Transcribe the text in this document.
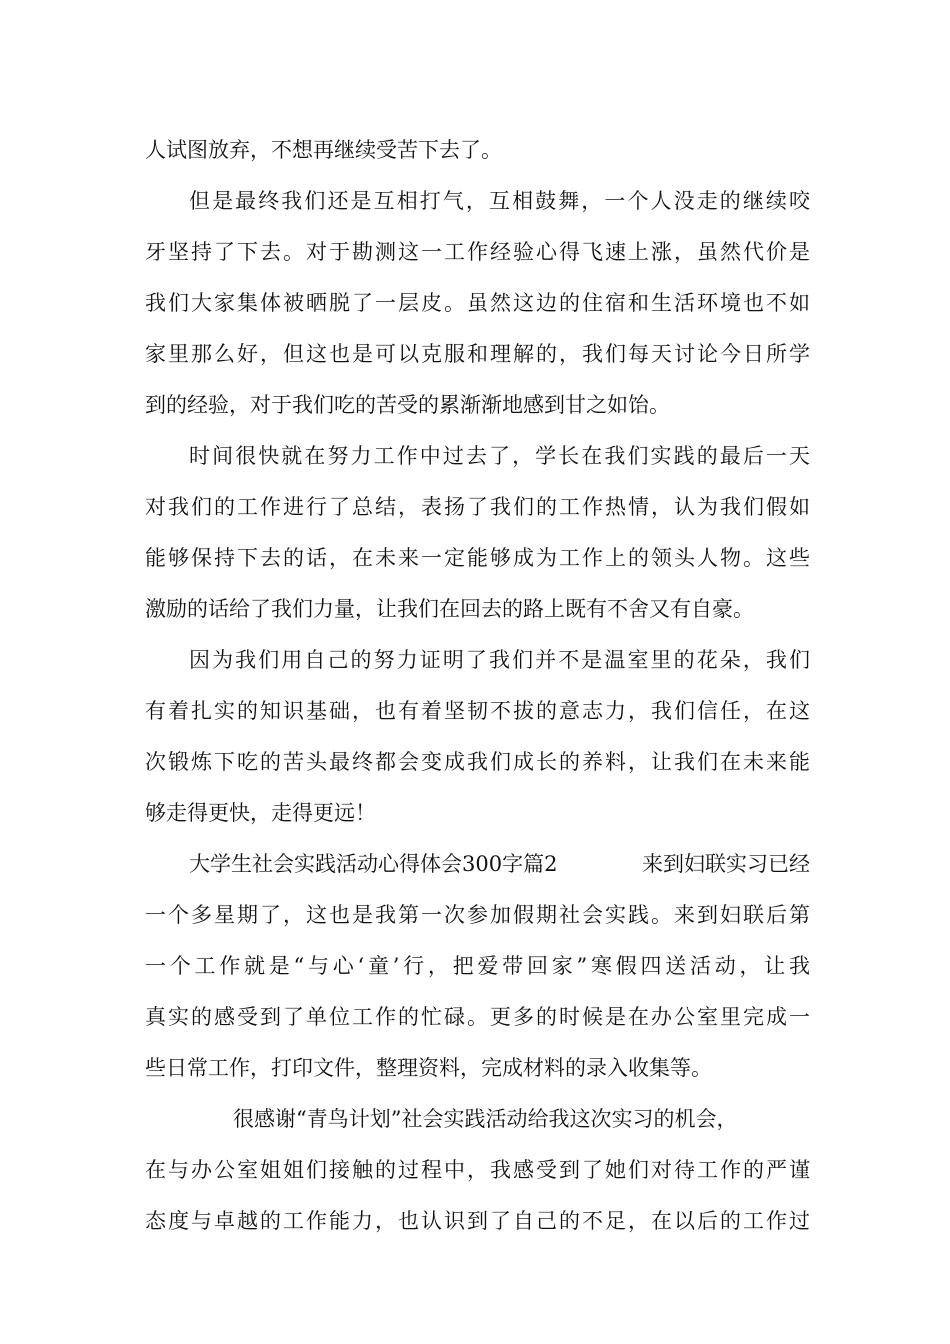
人试图放弃，不想再继续受苦下去了。
但是最终我们还是互相打气，互相鼓舞，一个人没走的继续咬
牙坚持了下去。对于勘测这一工作经验心得飞速上涨，虽然代价是
我们大家集体被晒脱了一层皮。虽然这边的住宿和生活环境也不如
家里那么好，但这也是可以克服和理解的，我们每天讨论今日所学
到的经验，对于我们吃的苦受的累渐渐地感到甘之如饴。
时间很快就在努力工作中过去了，学长在我们实践的最后一天
对我们的工作进行了总结，表扬了我们的工作热情，认为我们假如
能够保持下去的话，在未来一定能够成为工作上的领头人物。这些
激励的话给了我们力量，让我们在回去的路上既有不舍又有自豪。
因为我们用自己的努力证明了我们并不是温室里的花朵，我们
有着扎实的知识基础，也有着坚韧不拔的意志力，我们信任，在这
次锻炼下吃的苦头最终都会变成我们成长的养料，让我们在未来能
够走得更快，走得更远！
大学生社会实践活动心得体会300字篇2	来到妇联实习已经
一个多星期了，这也是我第一次参加假期社会实践。来到妇联后第
一个工作就是“与心‘童’行，把爱带回家”寒假四送活动，让我
真实的感受到了单位工作的忙碌。更多的时候是在办公室里完成一
些日常工作，打印文件，整理资料，完成材料的录入收集等。
很感谢“青鸟计划”社会实践活动给我这次实习的机会，
在与办公室姐姐们接触的过程中，我感受到了她们对待工作的严谨
态度与卓越的工作能力，也认识到了自己的不足，在以后的工作过
